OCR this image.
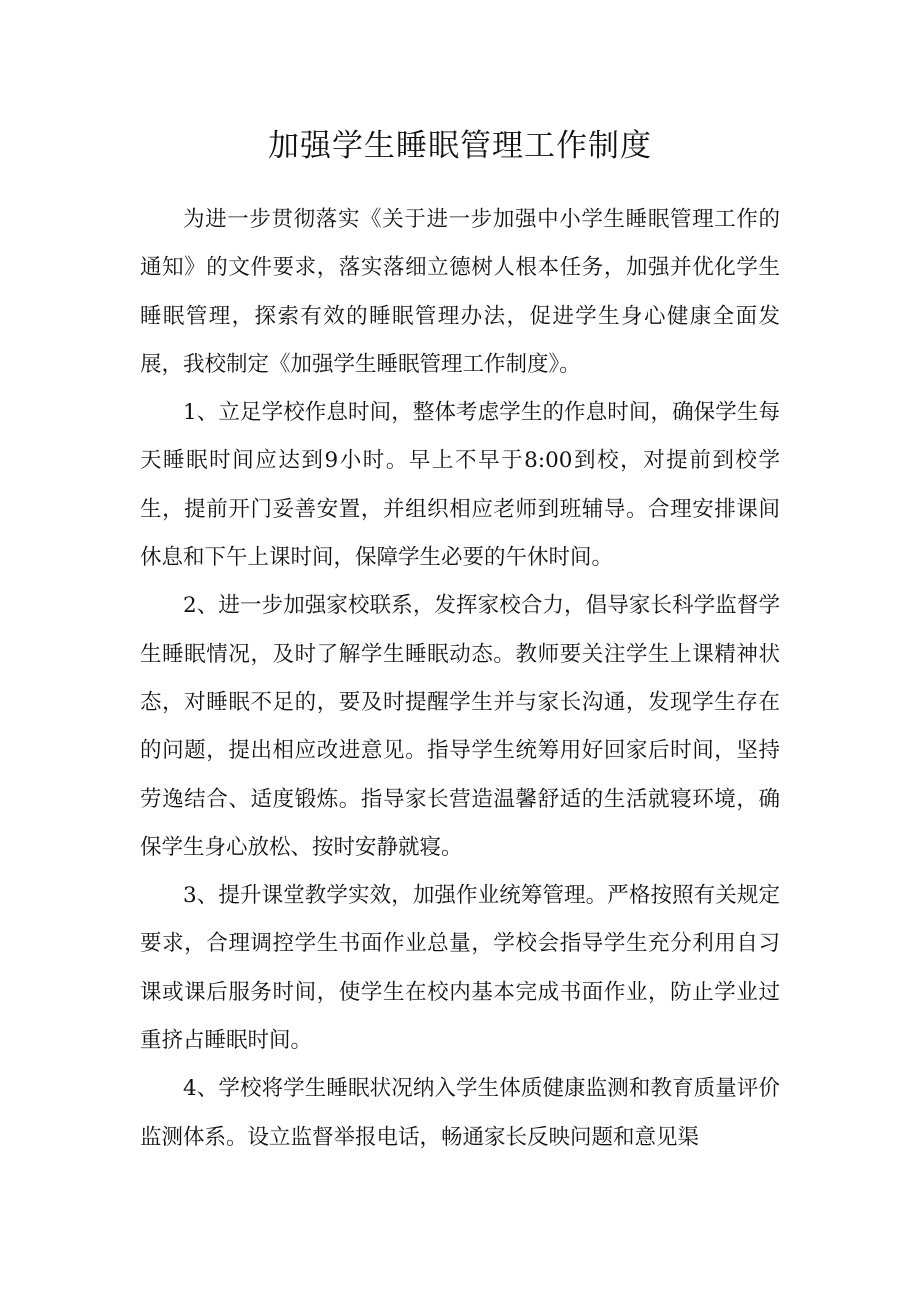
加强学生睡眠管理工作制度

为进一步贯彻落实《关于进一步加强中小学生睡眠管理工作的通知》的文件要求，落实落细立德树人根本任务，加强并优化学生睡眠管理，探索有效的睡眠管理办法，促进学生身心健康全面发展，我校制定《加强学生睡眠管理工作制度》。

1、立足学校作息时间，整体考虑学生的作息时间，确保学生每天睡眠时间应达到9小时。早上不早于8:00到校，对提前到校学生，提前开门妥善安置，并组织相应老师到班辅导。合理安排课间休息和下午上课时间，保障学生必要的午休时间。

2、进一步加强家校联系，发挥家校合力，倡导家长科学监督学生睡眠情况，及时了解学生睡眠动态。教师要关注学生上课精神状态，对睡眠不足的，要及时提醒学生并与家长沟通，发现学生存在的问题，提出相应改进意见。指导学生统筹用好回家后时间，坚持劳逸结合、适度锻炼。指导家长营造温馨舒适的生活就寝环境，确保学生身心放松、按时安静就寝。

3、提升课堂教学实效，加强作业统筹管理。严格按照有关规定要求，合理调控学生书面作业总量，学校会指导学生充分利用自习课或课后服务时间，使学生在校内基本完成书面作业，防止学业过重挤占睡眠时间。

4、学校将学生睡眠状况纳入学生体质健康监测和教育质量评价监测体系。设立监督举报电话，畅通家长反映问题和意见渠
